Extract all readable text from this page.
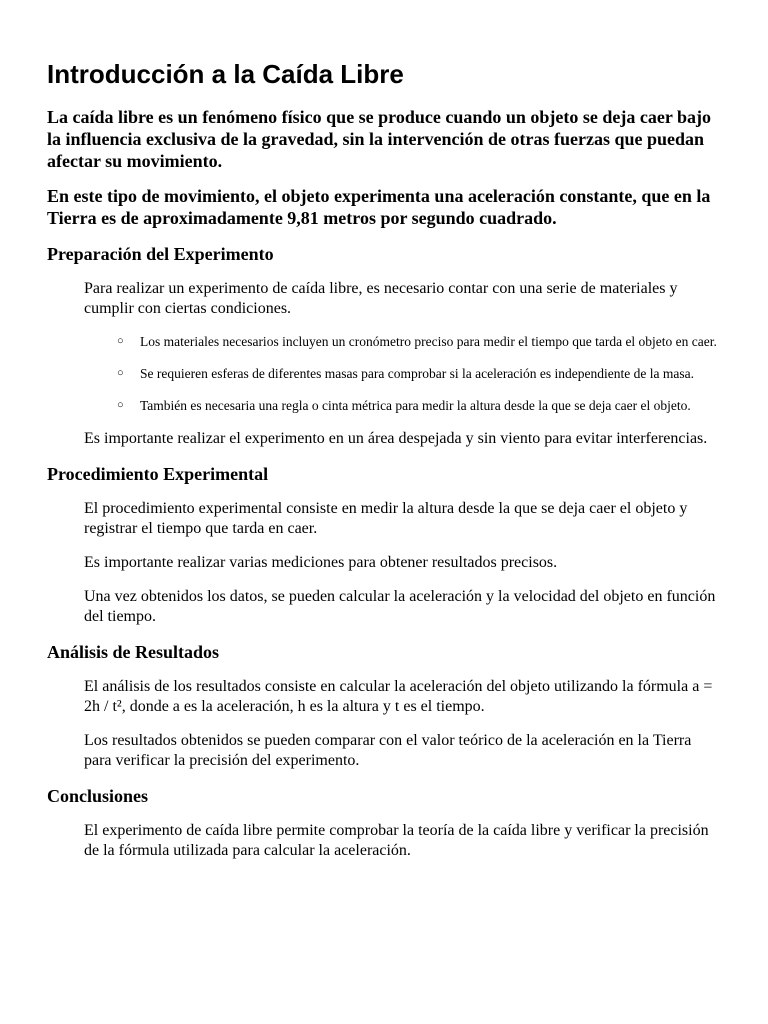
Introducción a la Caída Libre

La caída libre es un fenómeno físico que se produce cuando un objeto se deja caer bajo la influencia exclusiva de la gravedad, sin la intervención de otras fuerzas que puedan afectar su movimiento.

En este tipo de movimiento, el objeto experimenta una aceleración constante, que en la Tierra es de aproximadamente 9,81 metros por segundo cuadrado.

Preparación del Experimento

Para realizar un experimento de caída libre, es necesario contar con una serie de materiales y cumplir con ciertas condiciones.

○ Los materiales necesarios incluyen un cronómetro preciso para medir el tiempo que tarda el objeto en caer.
○ Se requieren esferas de diferentes masas para comprobar si la aceleración es independiente de la masa.
○ También es necesaria una regla o cinta métrica para medir la altura desde la que se deja caer el objeto.

Es importante realizar el experimento en un área despejada y sin viento para evitar interferencias.

Procedimiento Experimental

El procedimiento experimental consiste en medir la altura desde la que se deja caer el objeto y registrar el tiempo que tarda en caer.

Es importante realizar varias mediciones para obtener resultados precisos.

Una vez obtenidos los datos, se pueden calcular la aceleración y la velocidad del objeto en función del tiempo.

Análisis de Resultados

El análisis de los resultados consiste en calcular la aceleración del objeto utilizando la fórmula a = 2h / t², donde a es la aceleración, h es la altura y t es el tiempo.

Los resultados obtenidos se pueden comparar con el valor teórico de la aceleración en la Tierra para verificar la precisión del experimento.

Conclusiones

El experimento de caída libre permite comprobar la teoría de la caída libre y verificar la precisión de la fórmula utilizada para calcular la aceleración.
